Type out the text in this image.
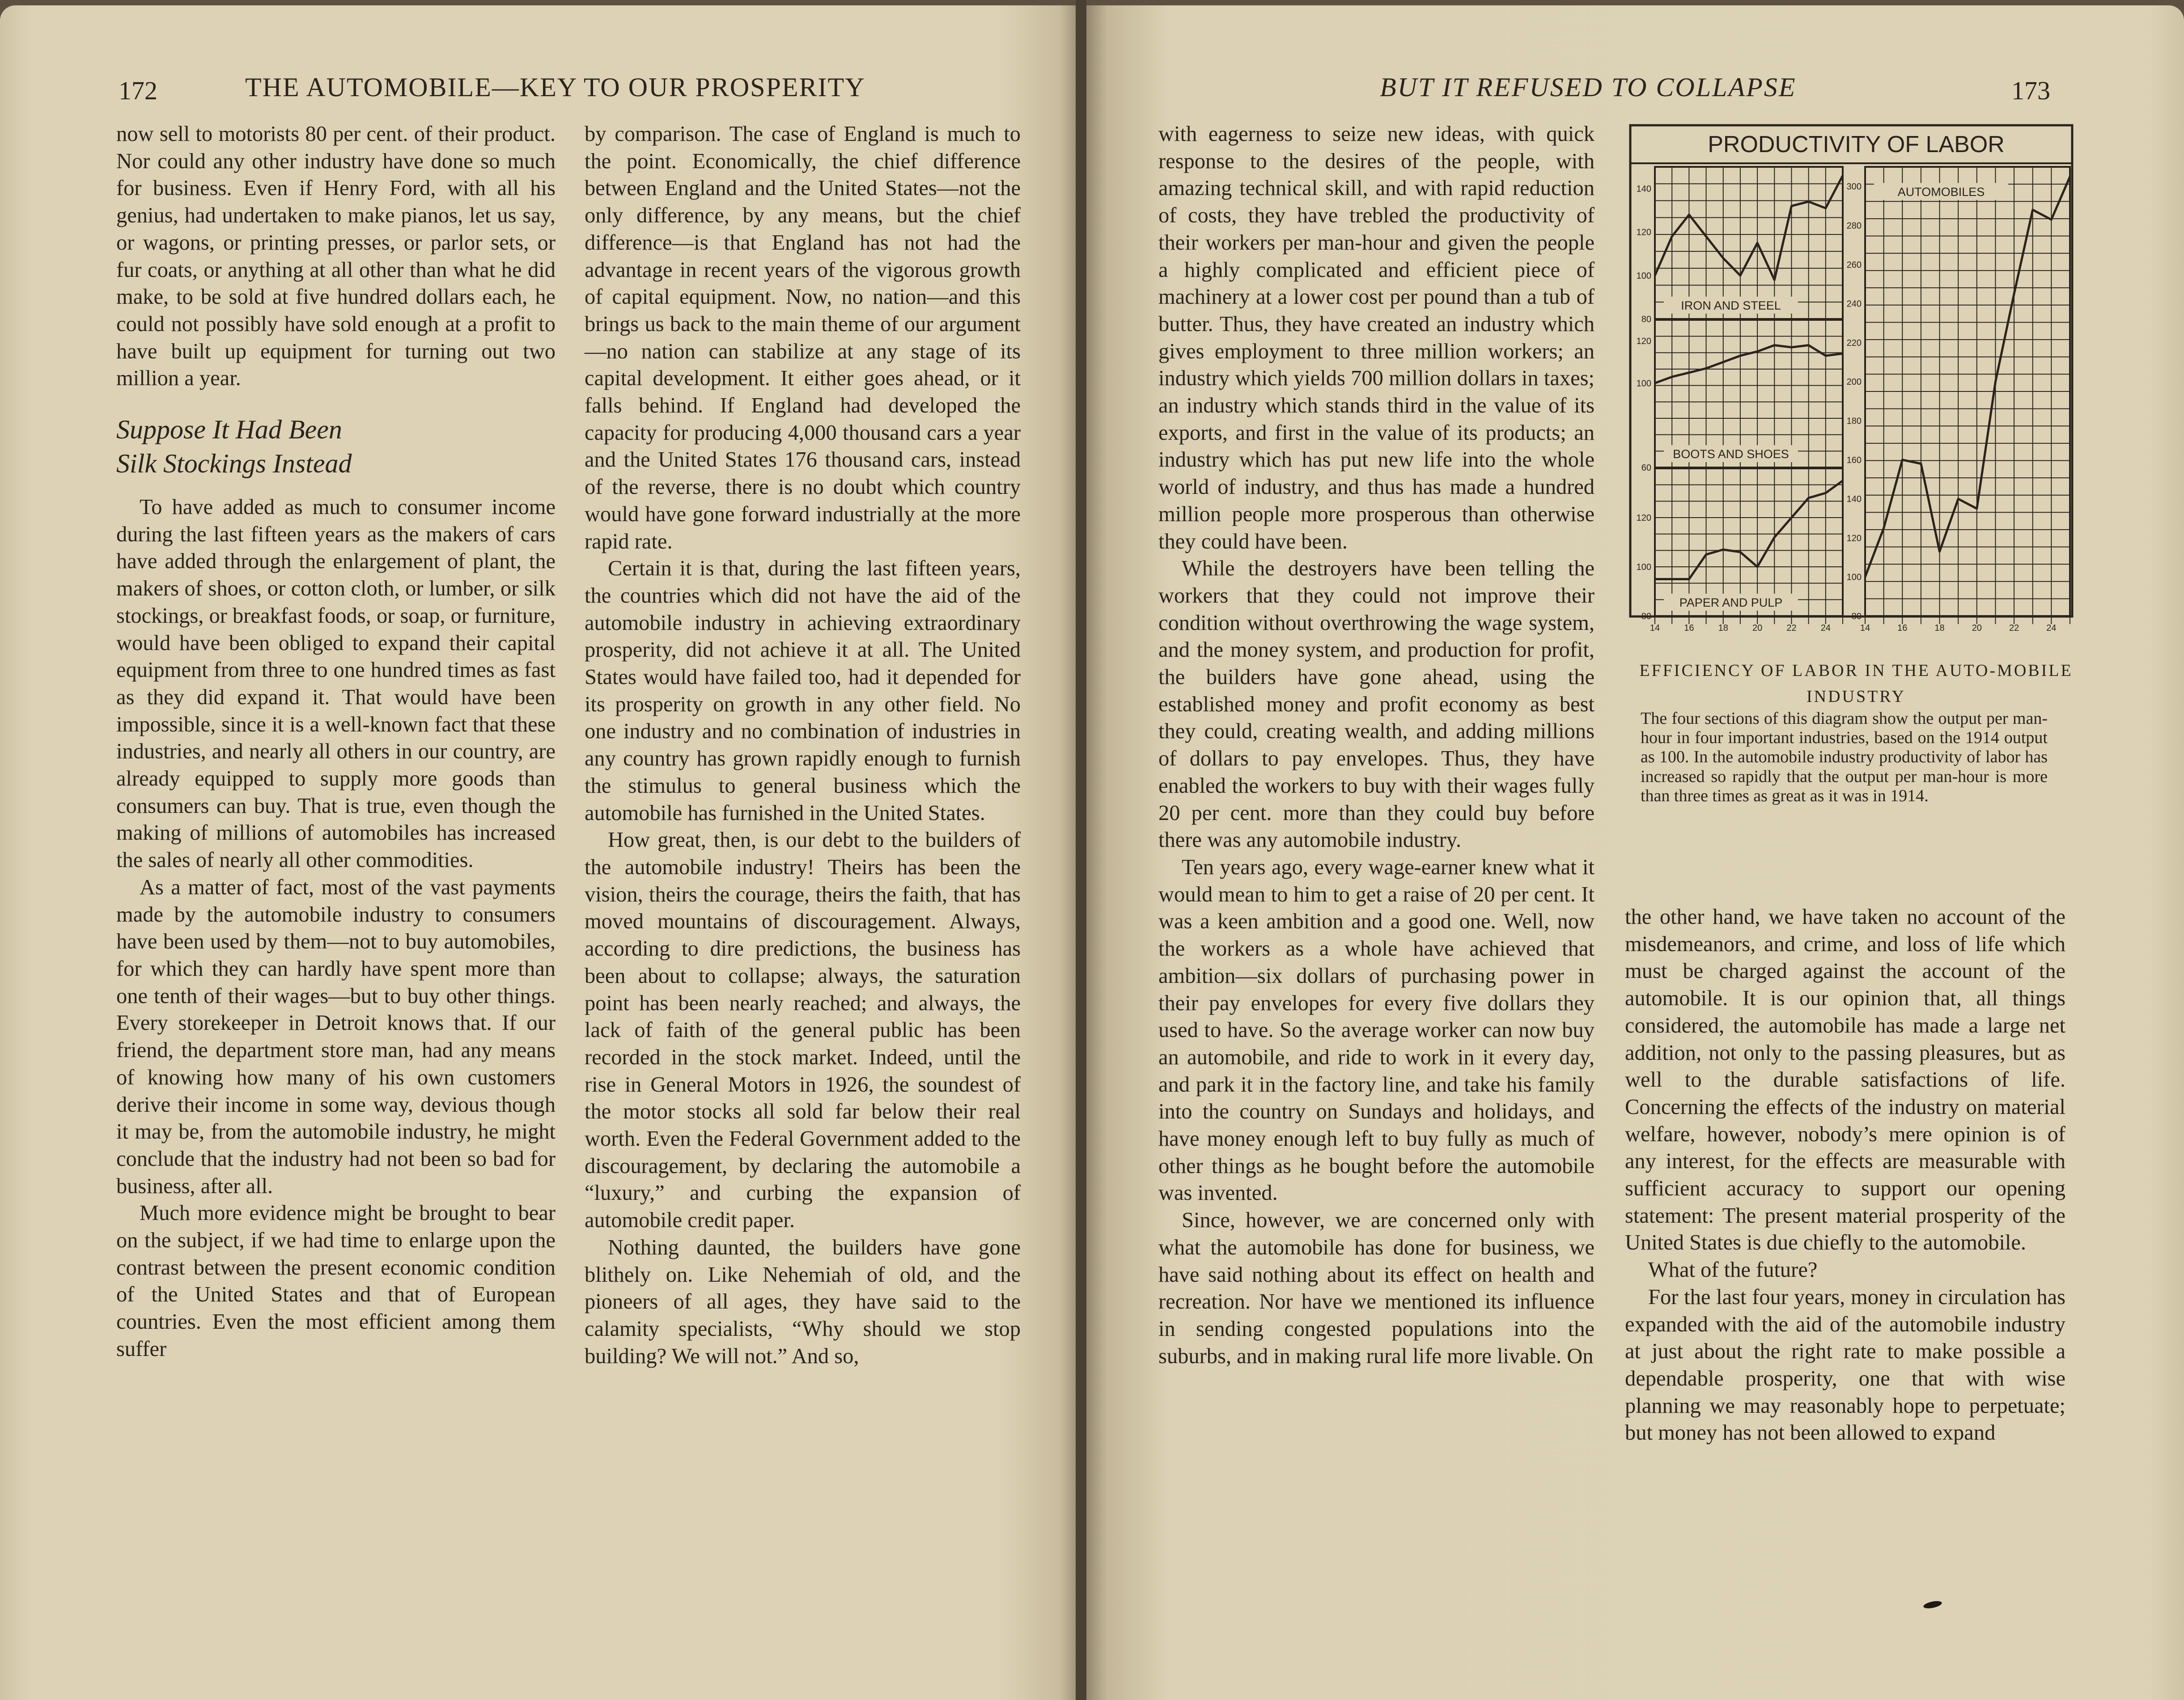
172	THE AUTOMOBILE—KEY TO OUR PROSPERITY	BUT IT REFUSED TO COLLAPSE	173

now sell to motorists 80 per cent. of their product. Nor could any other industry have done so much for business. Even if Henry Ford, with all his genius, had undertaken to make pianos, let us say, or wagons, or printing presses, or parlor sets, or fur coats, or anything at all other than what he did make, to be sold at five hundred dollars each, he could not possibly have sold enough at a profit to have built up equipment for turning out two million a year.

Suppose It Had Been
Silk Stockings Instead

To have added as much to consumer income during the last fifteen years as the makers of cars have added through the enlargement of plant, the makers of shoes, or cotton cloth, or lumber, or silk stockings, or breakfast foods, or soap, or furniture, would have been obliged to expand their capital equipment from three to one hundred times as fast as they did expand it. That would have been impossible, since it is a well-known fact that these industries, and nearly all others in our country, are already equipped to supply more goods than consumers can buy. That is true, even though the making of millions of automobiles has increased the sales of nearly all other commodities.

As a matter of fact, most of the vast payments made by the automobile industry to consumers have been used by them—not to buy automobiles, for which they can hardly have spent more than one tenth of their wages—but to buy other things. Every storekeeper in Detroit knows that. If our friend, the department store man, had any means of knowing how many of his own customers derive their income in some way, devious though it may be, from the automobile industry, he might conclude that the industry had not been so bad for business, after all.

Much more evidence might be brought to bear on the subject, if we had time to enlarge upon the contrast between the present economic condition of the United States and that of European countries. Even the most efficient among them suffer

by comparison. The case of England is much to the point. Economically, the chief difference between England and the United States—not the only difference, by any means, but the chief difference—is that England has not had the advantage in recent years of the vigorous growth of capital equipment. Now, no nation—and this brings us back to the main theme of our argument—no nation can stabilize at any stage of its capital development. It either goes ahead, or it falls behind. If England had developed the capacity for producing 4,000 thousand cars a year and the United States 176 thousand cars, instead of the reverse, there is no doubt which country would have gone forward industrially at the more rapid rate.

Certain it is that, during the last fifteen years, the countries which did not have the aid of the automobile industry in achieving extraordinary prosperity, did not achieve it at all. The United States would have failed too, had it depended for its prosperity on growth in any other field. No one industry and no combination of industries in any country has grown rapidly enough to furnish the stimulus to general business which the automobile has furnished in the United States.

How great, then, is our debt to the builders of the automobile industry! Theirs has been the vision, theirs the courage, theirs the faith, that has moved mountains of discouragement. Always, according to dire predictions, the business has been about to collapse; always, the saturation point has been nearly reached; and always, the lack of faith of the general public has been recorded in the stock market. Indeed, until the rise in General Motors in 1926, the soundest of the motor stocks all sold far below their real worth. Even the Federal Government added to the discouragement, by declaring the automobile a “luxury,” and curbing the expansion of automobile credit paper.

Nothing daunted, the builders have gone blithely on. Like Nehemiah of old, and the pioneers of all ages, they have said to the calamity specialists, “Why should we stop building? We will not.” And so,

with eagerness to seize new ideas, with quick response to the desires of the people, with amazing technical skill, and with rapid reduction of costs, they have trebled the productivity of their workers per man-hour and given the people a highly complicated and efficient piece of machinery at a lower cost per pound than a tub of butter. Thus, they have created an industry which gives employment to three million workers; an industry which yields 700 million dollars in taxes; an industry which stands third in the value of its exports, and first in the value of its products; an industry which has put new life into the whole world of industry, and thus has made a hundred million people more prosperous than otherwise they could have been.

While the destroyers have been telling the workers that they could not improve their condition without overthrowing the wage system, and the money system, and production for profit, the builders have gone ahead, using the established money and profit economy as best they could, creating wealth, and adding millions of dollars to pay envelopes. Thus, they have enabled the workers to buy with their wages fully 20 per cent. more than they could buy before there was any automobile industry.

Ten years ago, every wage-earner knew what it would mean to him to get a raise of 20 per cent. It was a keen ambition and a good one. Well, now the workers as a whole have achieved that ambition—six dollars of purchasing power in their pay envelopes for every five dollars they used to have. So the average worker can now buy an automobile, and ride to work in it every day, and park it in the factory line, and take his family into the country on Sundays and holidays, and have money enough left to buy fully as much of other things as he bought before the automobile was invented.

Since, however, we are concerned only with what the automobile has done for business, we have said nothing about its effect on health and recreation. Nor have we mentioned its influence in sending congested populations into the suburbs, and in making rural life more livable. On

the other hand, we have taken no account of the misdemeanors, and crime, and loss of life which must be charged against the account of the automobile. It is our opinion that, all things considered, the automobile has made a large net addition, not only to the passing pleasures, but as well to the durable satisfactions of life. Concerning the effects of the industry on material welfare, however, nobody’s mere opinion is of any interest, for the effects are measurable with sufficient accuracy to support our opening statement: The present material prosperity of the United States is due chiefly to the automobile.

What of the future?

For the last four years, money in circulation has expanded with the aid of the automobile industry at just about the right rate to make possible a dependable prosperity, one that with wise planning we may reasonably hope to perpetuate; but money has not been allowed to expand

PRODUCTIVITY OF LABOR
80
100
120
140
IRON AND STEEL
60
100
120
BOOTS AND SHOES
80
100
120
PAPER AND PULP
80
100
120
140
160
180
200
220
240
260
280
300	AUTOMOBILES
14	16	18	20	22	24	14	16	18	20	22	24
EFFICIENCY OF LABOR IN THE AUTO-MOBILE INDUSTRY
The four sections of this diagram show the output per man-hour in four important industries, based on the 1914 output as 100. In the automobile industry productivity of labor has increased so rapidly that the output per man-hour is more than three times as great as it was in 1914.
